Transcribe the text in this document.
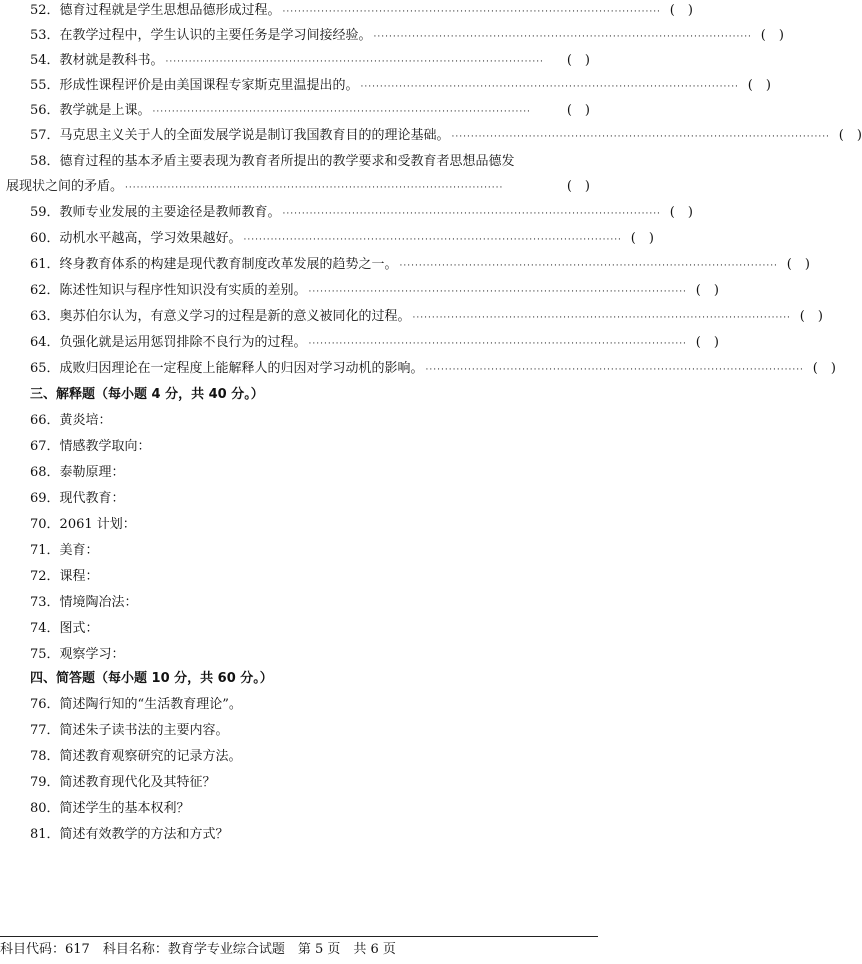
52．德育过程就是学生思想品德形成过程。 ·································································································· (　)
53．在教学过程中，学生认识的主要任务是学习间接经验。 ·································································································· (　)
54．教材就是教科书。 ··································································································	(　)
55．形成性课程评价是由美国课程专家斯克里温提出的。 ·································································································· (　)
56．教学就是上课。 ··································································································	(　)
57．马克思主义关于人的全面发展学说是制订我国教育目的的理论基础。 ·································································································· (　)
58．德育过程的基本矛盾主要表现为教育者所提出的教学要求和受教育者思想品德发
展现状之间的矛盾。 ··································································································	(　)
59．教师专业发展的主要途径是教师教育。 ·································································································· (　)
60．动机水平越高，学习效果越好。 ·································································································· (　)
61．终身教育体系的构建是现代教育制度改革发展的趋势之一。 ·································································································· (　)
62．陈述性知识与程序性知识没有实质的差别。 ·································································································· (　)
63．奥苏伯尔认为，有意义学习的过程是新的意义被同化的过程。 ·································································································· (　)
64．负强化就是运用惩罚排除不良行为的过程。 ·································································································· (　)
65．成败归因理论在一定程度上能解释人的归因对学习动机的影响。 ·································································································· (　)
三、解释题（每小题 4 分，共 40 分。）
66．黄炎培：
67．情感教学取向：
68．泰勒原理：
69．现代教育：
70．2061 计划：
71．美育：
72．课程：
73．情境陶冶法：
74．图式：
75．观察学习：
四、简答题（每小题 10 分，共 60 分。）
76．简述陶行知的“生活教育理论”。
77．简述朱子读书法的主要内容。
78．简述教育观察研究的记录方法。
79．简述教育现代化及其特征？
80．简述学生的基本权利？
81．简述有效教学的方法和方式？
科目代码：617　科目名称：教育学专业综合试题　第 5 页　共 6 页
